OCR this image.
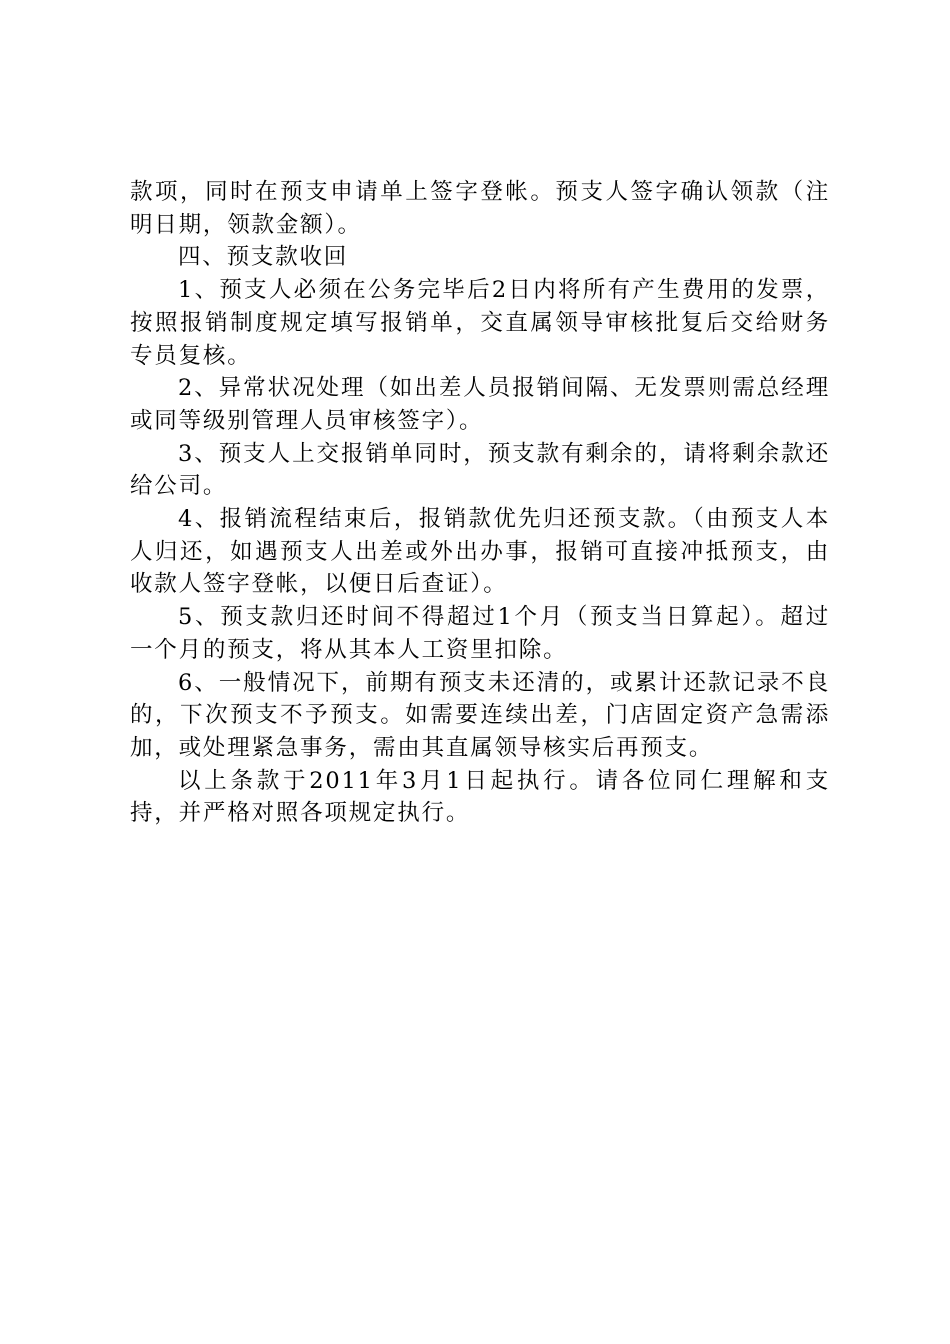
款项，同时在预支申请单上签字登帐。预支人签字确认领款（注明日期，领款金额）。

四、预支款收回

1、预支人必须在公务完毕后2日内将所有产生费用的发票，按照报销制度规定填写报销单，交直属领导审核批复后交给财务专员复核。

2、异常状况处理（如出差人员报销间隔、无发票则需总经理或同等级别管理人员审核签字）。

3、预支人上交报销单同时，预支款有剩余的，请将剩余款还给公司。

4、报销流程结束后，报销款优先归还预支款。（由预支人本人归还，如遇预支人出差或外出办事，报销可直接冲抵预支，由收款人签字登帐，以便日后查证）。

5、预支款归还时间不得超过1个月（预支当日算起）。超过一个月的预支，将从其本人工资里扣除。

6、一般情况下，前期有预支未还清的，或累计还款记录不良的，下次预支不予预支。如需要连续出差，门店固定资产急需添加，或处理紧急事务，需由其直属领导核实后再预支。

以上条款于2011年3月1日起执行。请各位同仁理解和支持，并严格对照各项规定执行。
